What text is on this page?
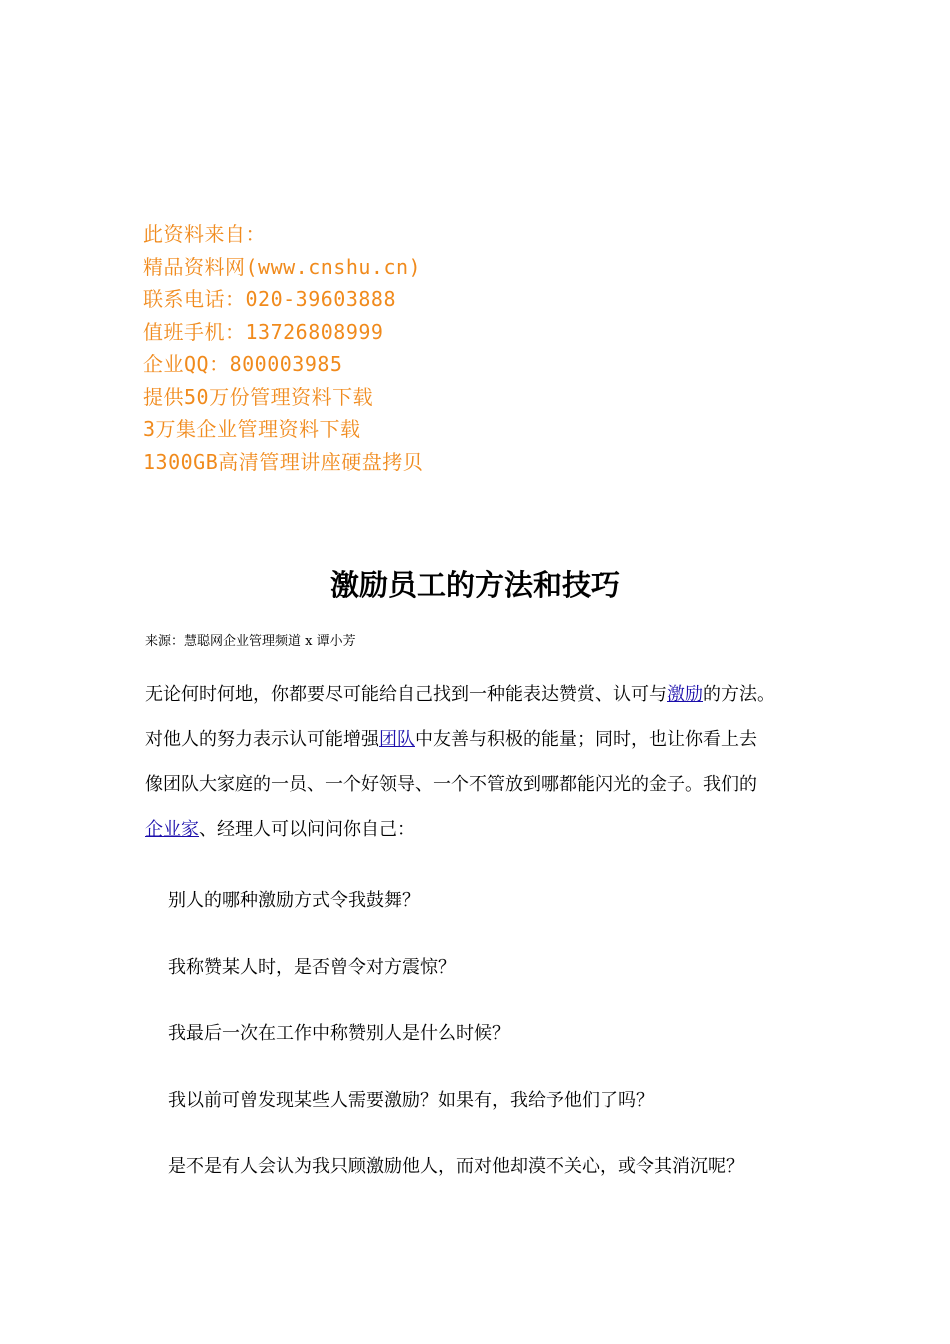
此资料来自：
精品资料网(www.cnshu.cn)
联系电话：020-39603888
值班手机：13726808999
企业QQ：800003985
提供50万份管理资料下载
3万集企业管理资料下载
1300GB高清管理讲座硬盘拷贝
激励员工的方法和技巧
来源：慧聪网企业管理频道 x 谭小芳
无论何时何地，你都要尽可能给自己找到一种能表达赞赏、认可与激励的方法。
对他人的努力表示认可能增强团队中友善与积极的能量；同时，也让你看上去
像团队大家庭的一员、一个好领导、一个不管放到哪都能闪光的金子。我们的
企业家、经理人可以问问你自己：
别人的哪种激励方式令我鼓舞？
我称赞某人时，是否曾令对方震惊？
我最后一次在工作中称赞别人是什么时候？
我以前可曾发现某些人需要激励？如果有，我给予他们了吗？
是不是有人会认为我只顾激励他人，而对他却漠不关心，或令其消沉呢？
